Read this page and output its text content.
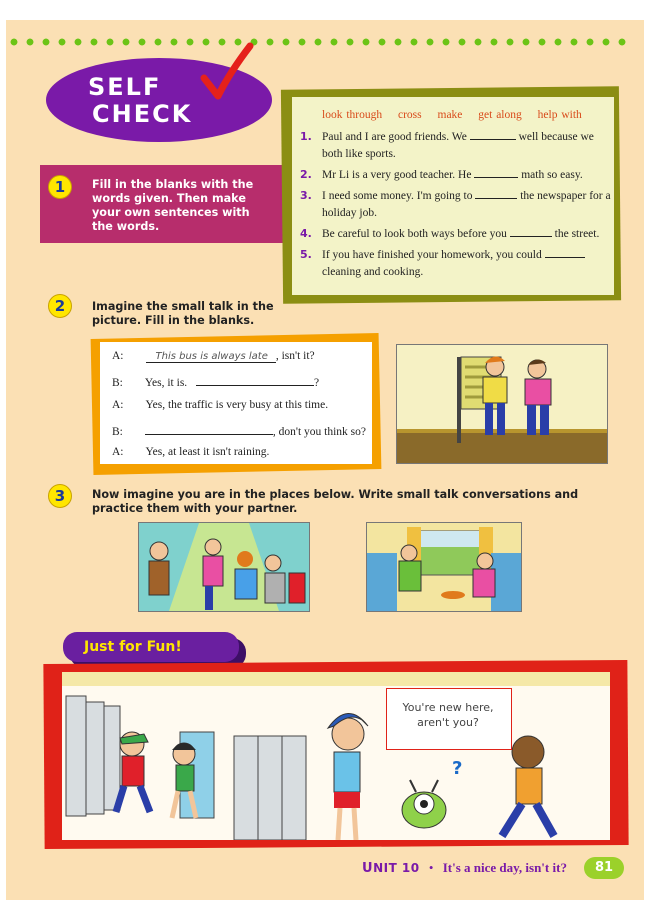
SELF
CHECK
1	Fill in the blanks with the words given. Then make your own sentences with the words.
look through cross make get along help with
1. Paul and I are good friends. We	well because we both like sports.
2. Mr Li is a very good teacher. He	math so easy.
3. I need some money. I'm going to	the newspaper for a holiday job.
4. Be careful to look both ways before you	the street.
5. If you have finished your homework, you could  cleaning and cooking.
2	Imagine the small talk in the picture. Fill in the blanks.
A:	This bus is always late , isn't it?
B: Yes, it is.	?
A: Yes, the traffic is very busy at this time.
B:	, don't you think so?
A: Yes, at least it isn't raining.
3	Now imagine you are in the places below. Write small talk conversations and practice them with your partner.
Just for Fun!
?
You're new here,
aren't you?
UNIT 10 • It's a nice day, isn't it?	81
